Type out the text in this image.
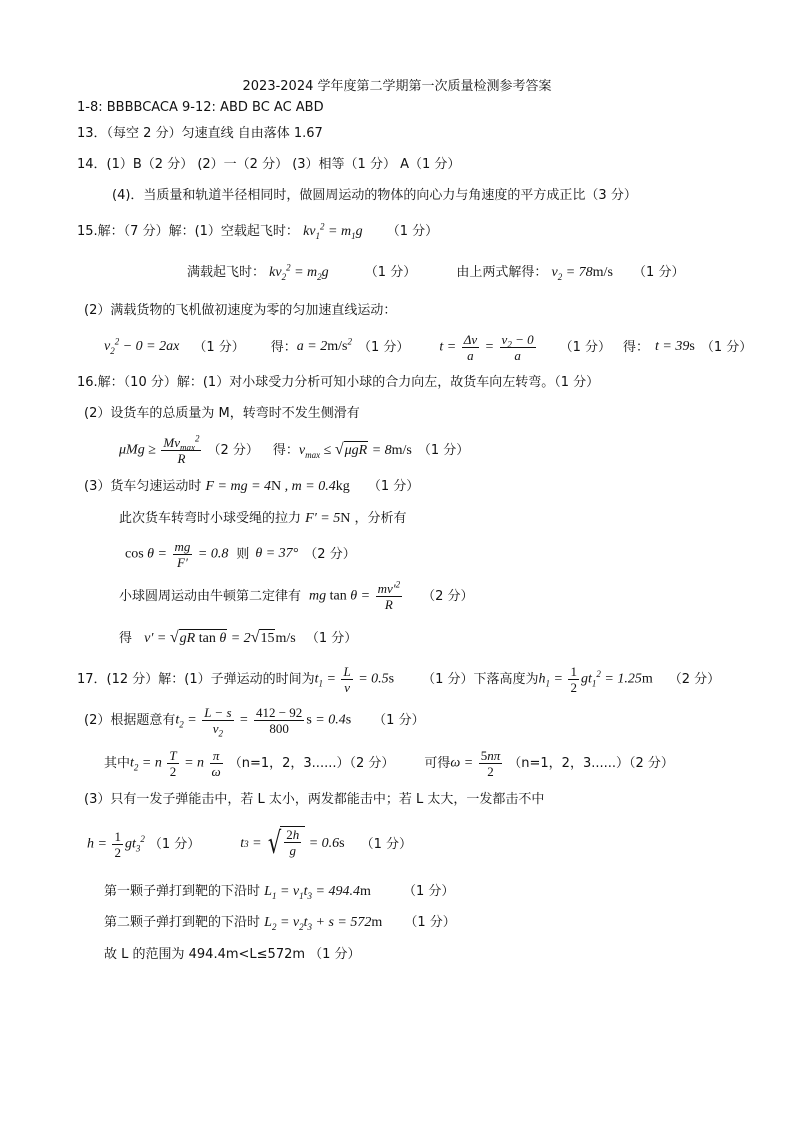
2023-2024 学年度第二学期第一次质量检测参考答案
1-8: BBBBCACA 9-12: ABD BC AC ABD
13．（每空 2 分）匀速直线 自由落体 1.67
14．(1）B（2 分） (2）一（2 分） (3）相等（1 分） A（1 分）
(4)．当质量和轨道半径相同时，做圆周运动的物体的向心力与角速度的平方成正比（3 分）
15.解：（7 分）解：(1）空载起飞时： $kv_1^2 = m_1g$ （1 分）
满载起飞时： $kv_2^2 = m_2g$	（1 分）	由上两式解得： $v_2 = 78m/s$ （1 分）
(2）满载货物的飞机做初速度为零的匀加速直线运动：
$v_2^2 - 0 = 2ax$ （1 分） 得： $a = 2m/s^2$ （1 分） $t = \frac{\Delta v}{a} = \frac{v_2 - 0}{a} (1$ 分） 得： t = 39s （1 分）
16.解：（10 分）解：(1）对小球受力分析可知小球的合力向左，故货车向左转弯。（1 分）
(2）设货车的总质量为 M，转弯时不发生侧滑有
$\mu Mg \ge \frac{Mv_{max}^2}{R} (2$ 分） 得： $v_{max} \le √\mu gR = 8m/s$ （1 分）
(3）货车匀速运动时 F = mg = 4N , m = 0.4kg （1 分）
此次货车转弯时小球受绳的拉力 F′ = 5N ，分析有
$\cos \theta = \frac{mg}{F'} = 0.8$ 则 θ = 37° （2 分）
小球圆周运动由牛顿第二定律有 mg $\tan \theta = \frac{mv'^2}{R} (2$ 分）
得 v′ = √gR tan θ = 2√15m/s （1 分）
17．(12 分）解：(1）子弹运动的时间为 $t_1 = \frac{L}{v} = 0.5s$ （1 分）下落高度为 $h_1 = \frac{1}{2} gt_1^2 = 1.25m$ （2 分）
(2）根据题意有 $t_2 = \frac{L - s}{v_2} = \frac{412 - 92}{800}$ s = 0.4s （1 分）
其中 $t_2 = n \frac{T}{2} = n \frac{\pi}{\omega} (n=1$，2，3......）（2 分） 可得 $\omega = \frac{5n\pi}{2} (n=1$，2，3......）（2 分）
(3）只有一发子弹能击中，若 L 太小，两发都能击中；若 L 太大，一发都击不中
$h = \frac{1}{2} gt_3^2$ （1 分）	t 3 = √ $\frac{2h}{g} = 0.6$ s （1 分）
第一颗子弹打到靶的下沿时 $L_1 = v_1t_3 = 494.4m$ （1 分）
第二颗子弹打到靶的下沿时 $L_2 = v_2t_3 + s = 572m$ （1 分）
故 L 的范围为 494.4m<L≤572m （1 分）
